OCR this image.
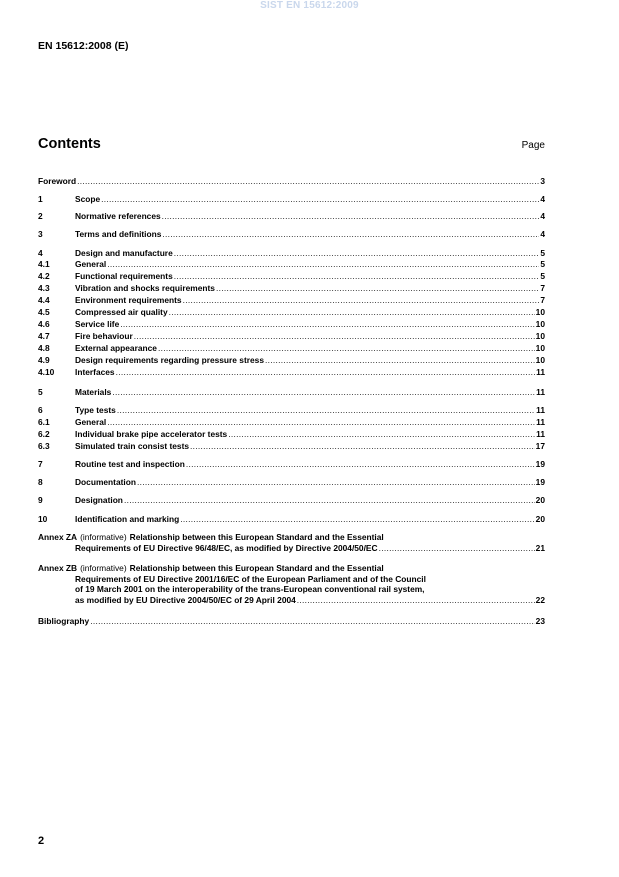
SIST EN 15612:2009
EN 15612:2008 (E)
Contents	Page
Foreword .....	3
1	Scope .....	4
2	Normative references .....	4
3	Terms and definitions .....	4
4	Design and manufacture .....	5
4.1	General .....	5
4.2	Functional requirements .....	5
4.3	Vibration and shocks requirements .....	7
4.4	Environment requirements .....	7
4.5	Compressed air quality .....	10
4.6	Service life .....	10
4.7	Fire behaviour .....	10
4.8	External appearance .....	10
4.9	Design requirements regarding pressure stress .....	10
4.10	Interfaces .....	11
5	Materials .....	11
6	Type tests .....	11
6.1	General .....	11
6.2	Individual brake pipe accelerator tests .....	11
6.3	Simulated train consist tests .....	17
7	Routine test and inspection .....	19
8	Documentation .....	19
9	Designation .....	20
10	Identification and marking .....	20
Annex ZA (informative) Relationship between this European Standard and the Essential
Requirements of EU Directive 96/48/EC, as modified by Directive 2004/50/EC .....	21
Annex ZB (informative) Relationship between this European Standard and the Essential
Requirements of EU Directive 2001/16/EC of the European Parliament and of the Council
of 19 March 2001 on the interoperability of the trans-European conventional rail system,
as modified by EU Directive 2004/50/EC of 29 April 2004 .....	22
Bibliography .....	23
2
